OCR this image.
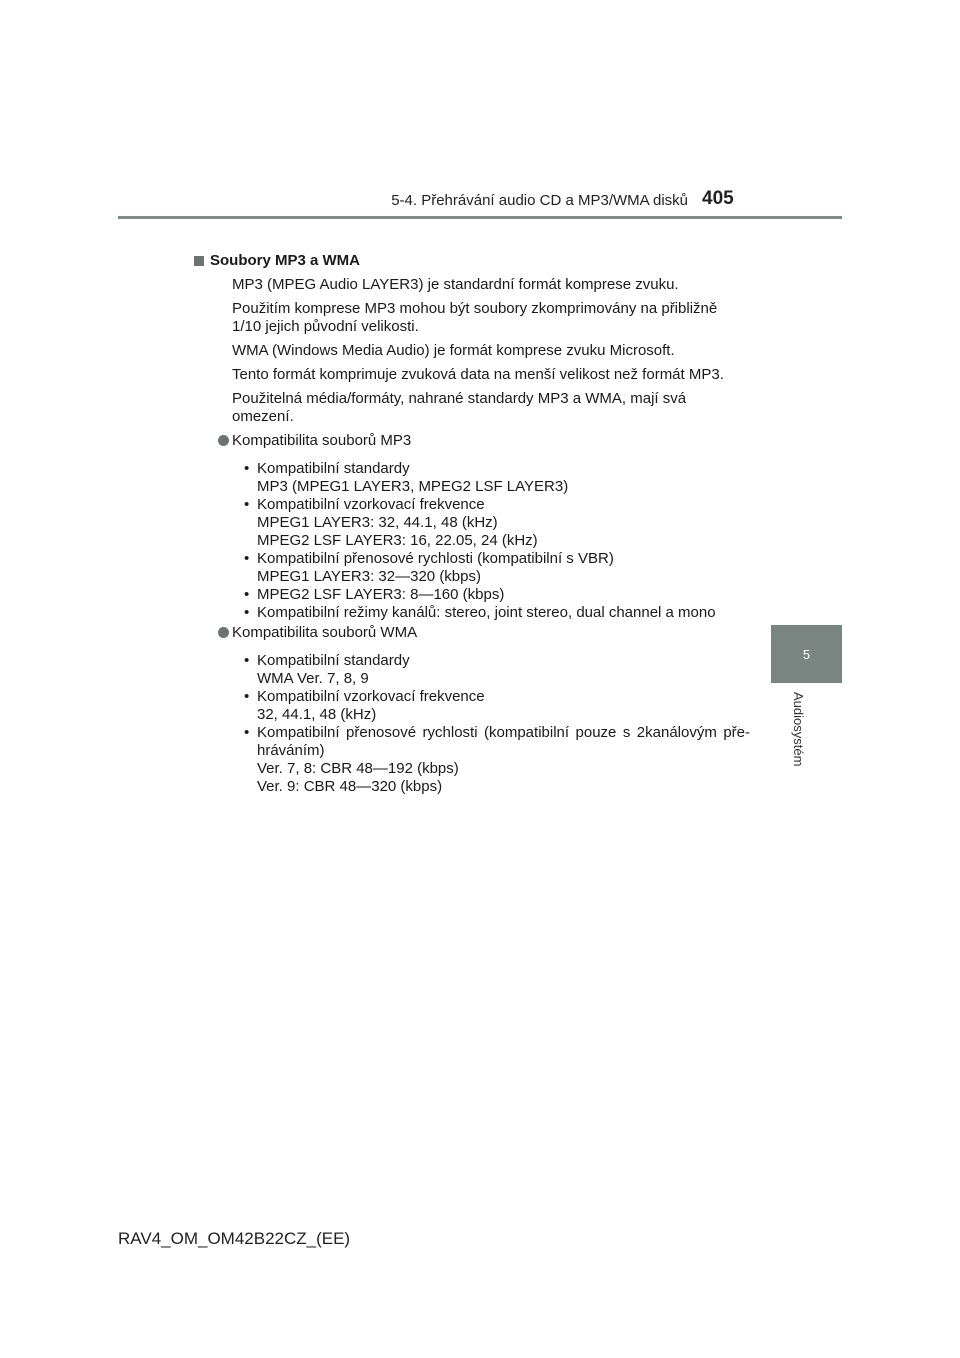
5-4. Přehrávání audio CD a MP3/WMA disků 405
Soubory MP3 a WMA

MP3 (MPEG Audio LAYER3) je standardní formát komprese zvuku.

Použitím komprese MP3 mohou být soubory zkomprimovány na přibližně 1/10 jejich původní velikosti.

WMA (Windows Media Audio) je formát komprese zvuku Microsoft.

Tento formát komprimuje zvuková data na menší velikost než formát MP3.

Použitelná média/formáty, nahrané standardy MP3 a WMA, mají svá omezení.

Kompatibilita souborů MP3
• Kompatibilní standardy
MP3 (MPEG1 LAYER3, MPEG2 LSF LAYER3)
• Kompatibilní vzorkovací frekvence
MPEG1 LAYER3: 32, 44.1, 48 (kHz)
MPEG2 LSF LAYER3: 16, 22.05, 24 (kHz)
• Kompatibilní přenosové rychlosti (kompatibilní s VBR)
MPEG1 LAYER3: 32—320 (kbps)
• MPEG2 LSF LAYER3: 8—160 (kbps)
• Kompatibilní režimy kanálů: stereo, joint stereo, dual channel a mono
Kompatibilita souborů WMA
• Kompatibilní standardy
WMA Ver. 7, 8, 9
• Kompatibilní vzorkovací frekvence
32, 44.1, 48 (kHz)
• Kompatibilní přenosové rychlosti (kompatibilní pouze s 2kanálovým pře- hráváním)
Ver. 7, 8: CBR 48—192 (kbps)
Ver. 9: CBR 48—320 (kbps)
5
Audiosystém
RAV4_OM_OM42B22CZ_(EE)
